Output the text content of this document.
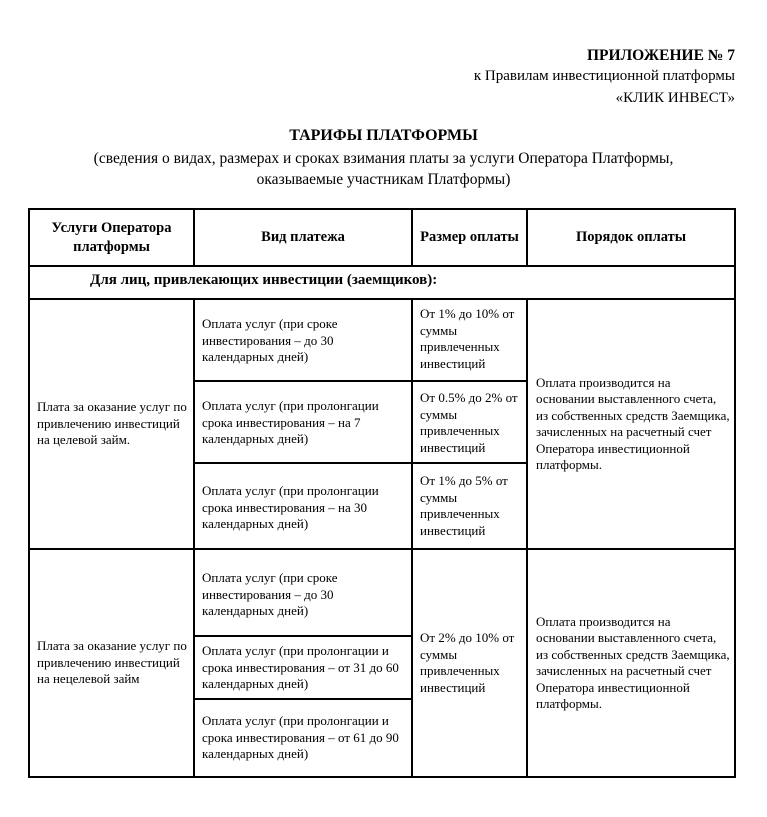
ПРИЛОЖЕНИЕ № 7
к Правилам инвестиционной платформы
«КЛИК ИНВЕСТ»
ТАРИФЫ ПЛАТФОРМЫ
(сведения о видах, размерах и сроках взимания платы за услуги Оператора Платформы,
оказываемые участникам Платформы)
Услуги Оператора платформы
Вид платежа	Размер оплаты	Порядок оплаты
Для лиц, привлекающих инвестиции (заемщиков):
Плата за оказание услуг по привлечению инвестиций на целевой займ.
Оплата услуг (при сроке инвестирования – до 30 календарных дней)
Оплата услуг (при пролонгации срока инвестирования – на 7 календарных дней)
Оплата услуг (при пролонгации срока инвестирования – на 30 календарных дней)
От 1% до 10% от суммы привлеченных инвестиций
От 0.5% до 2% от суммы привлеченных инвестиций
От 1% до 5% от суммы привлеченных инвестиций
Оплата производится на основании выставленного счета, из собственных средств Заемщика, зачисленных на расчетный счет Оператора инвестиционной платформы.
Плата за оказание услуг по привлечению инвестиций на нецелевой займ
Оплата услуг (при сроке инвестирования – до 30 календарных дней)
Оплата услуг (при пролонгации и срока инвестирования – от 31 до 60 календарных дней)
Оплата услуг (при пролонгации и срока инвестирования – от 61 до 90 календарных дней)
От 2% до 10% от суммы привлеченных инвестиций
Оплата производится на основании выставленного счета, из собственных средств Заемщика, зачисленных на расчетный счет Оператора инвестиционной платформы.
